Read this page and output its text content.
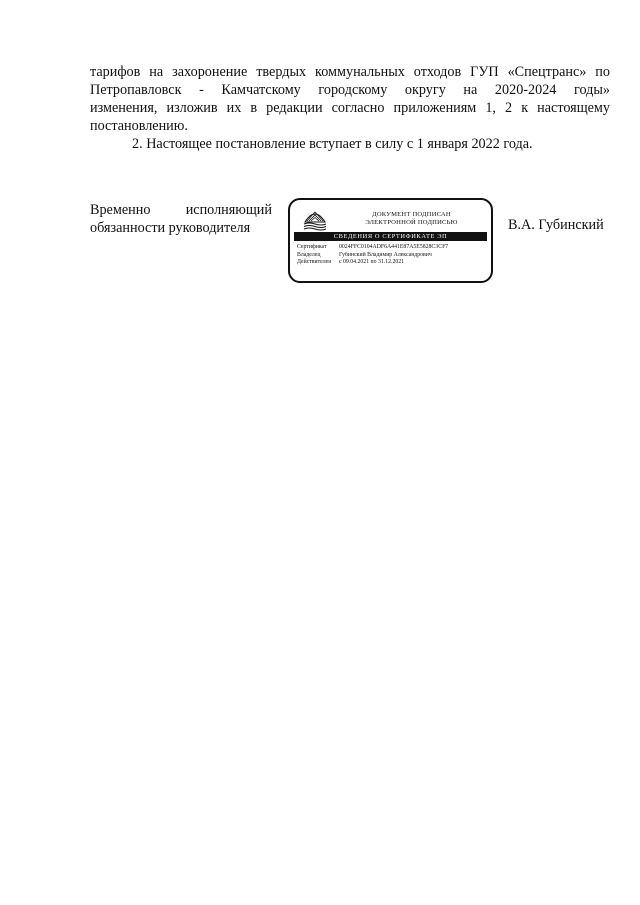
тарифов на захоронение твердых коммунальных отходов ГУП «Спецтранс» по
Петропавловск - Камчатскому городскому округу на 2020-2024 годы»
изменения, изложив их в редакции согласно приложениям 1, 2 к настоящему
постановлению.
2. Настоящее постановление вступает в силу с 1 января 2022 года.
Временно исполняющий
обязанности руководителя
ДОКУМЕНТ ПОДПИСАН
ЭЛЕКТРОННОЙ ПОДПИСЬЮ
СВЕДЕНИЯ О СЕРТИФИКАТЕ ЭП
Сертификат	0024FFC0104ADF6A441E87A5E5828C3CF7
Владелец	Губинский Владимир Александрович
Действителен	с 09.04.2021 по 31.12.2021
В.А. Губинский
